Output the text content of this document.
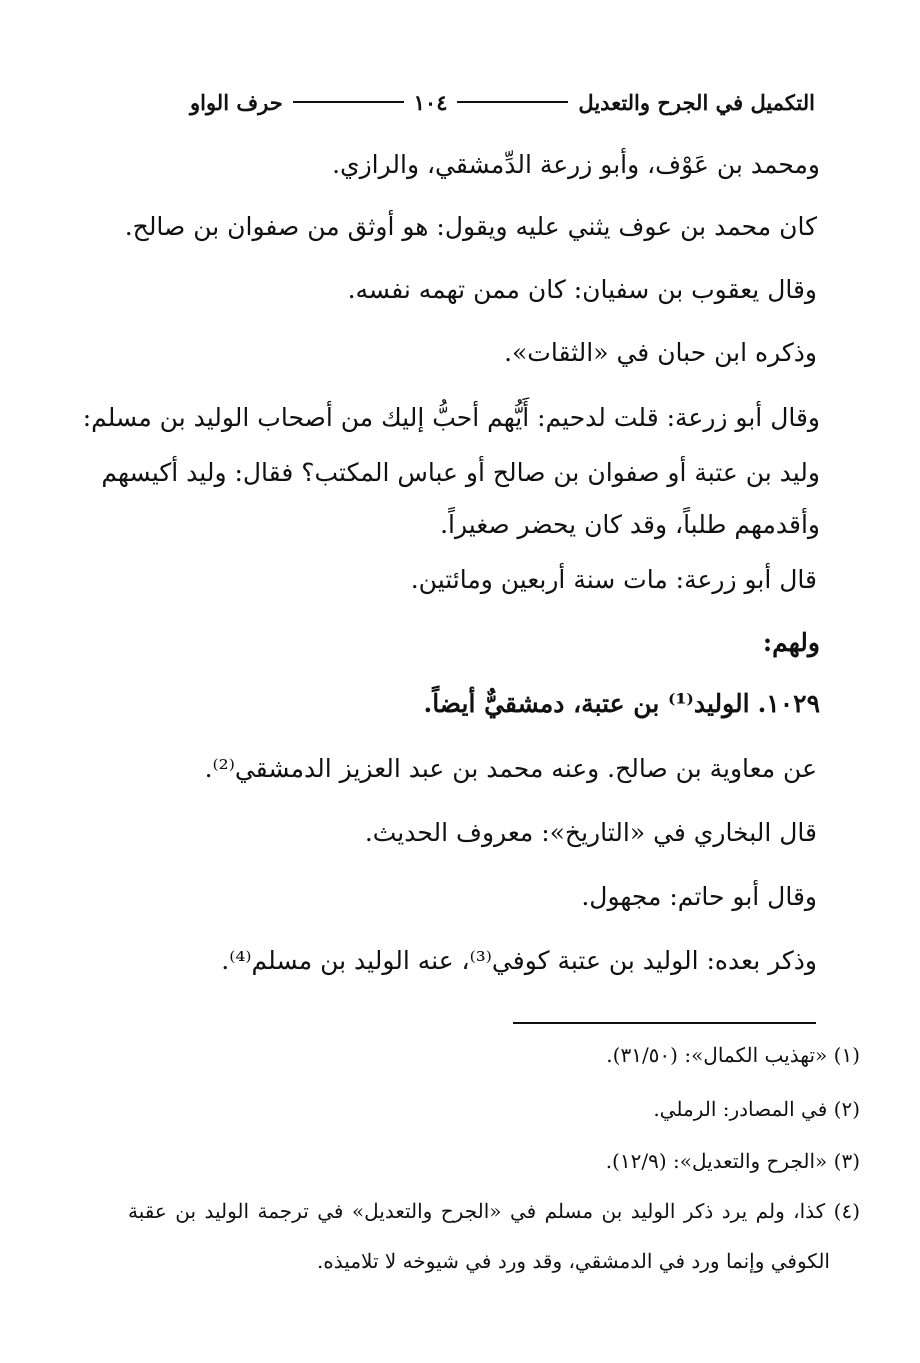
التكميل في الجرح والتعديل
١٠٤
حرف الواو
ومحمد بن عَوْف، وأبو زرعة الدِّمشقي، والرازي.
كان محمد بن عوف يثني عليه ويقول: هو أوثق من صفوان بن صالح.
وقال يعقوب بن سفيان: كان ممن تهمه نفسه.
وذكره ابن حبان في «الثقات».
وقال أبو زرعة: قلت لدحيم: أَيُّهم أحبُّ إليك من أصحاب الوليد بن مسلم:
وليد بن عتبة أو صفوان بن صالح أو عباس المكتب؟ فقال: وليد أكيسهم
وأقدمهم طلباً، وقد كان يحضر صغيراً.
قال أبو زرعة: مات سنة أربعين ومائتين.
ولهم:
١٠٢٩. الوليد⁽¹⁾ بن عتبة، دمشقيٌّ أيضاً.
عن معاوية بن صالح. وعنه محمد بن عبد العزيز الدمشقي⁽²⁾.
قال البخاري في «التاريخ»: معروف الحديث.
وقال أبو حاتم: مجهول.
وذكر بعده: الوليد بن عتبة كوفي⁽³⁾، عنه الوليد بن مسلم⁽⁴⁾.
(١) «تهذيب الكمال»: (٣١/٥٠).
(٢) في المصادر: الرملي.
(٣) «الجرح والتعديل»: (١٢/٩).
(٤) كذا، ولم يرد ذكر الوليد بن مسلم في «الجرح والتعديل» في ترجمة الوليد بن عقبة
الكوفي وإنما ورد في الدمشقي، وقد ورد في شيوخه لا تلاميذه.
